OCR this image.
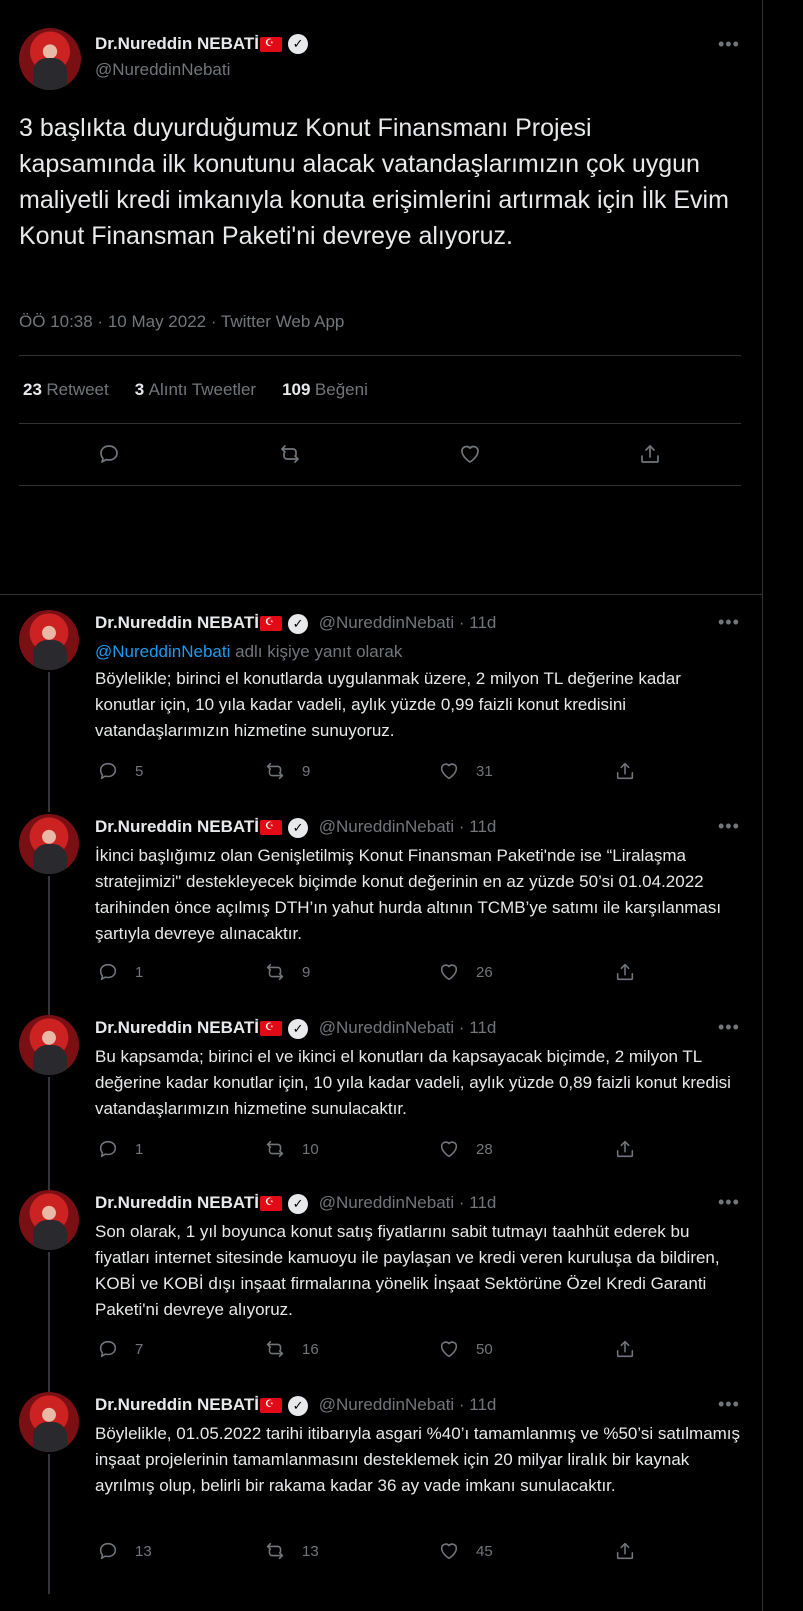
Dr.Nureddin NEBATİ ☪	✓
@NureddinNebati
•••
3 başlıkta duyurduğumuz Konut Finansmanı Projesi kapsamında ilk konutunu alacak vatandaşlarımızın çok uygun maliyetli kredi imkanıyla konuta erişimlerini artırmak için İlk Evim Konut Finansman Paketi'ni devreye alıyoruz.
ÖÖ 10:38 · 10 May 2022 · Twitter Web App
23 Retweet 3 Alıntı Tweetler 109 Beğeni
Dr.Nureddin NEBATİ ☪	✓ @NureddinNebati · 11d	•••
@NureddinNebati adlı kişiye yanıt olarak
Böylelikle; birinci el konutlarda uygulanmak üzere, 2 milyon TL değerine kadar konutlar için, 10 yıla kadar vadeli, aylık yüzde 0,99 faizli konut kredisini vatandaşlarımızın hizmetine sunuyoruz.
5	9	31
Dr.Nureddin NEBATİ ☪	✓ @NureddinNebati · 11d	•••
İkinci başlığımız olan Genişletilmiş Konut Finansman Paketi'nde ise “Liralaşma stratejimizi" destekleyecek biçimde konut değerinin en az yüzde 50’si 01.04.2022 tarihinden önce açılmış DTH’ın yahut hurda altının TCMB’ye satımı ile karşılanması şartıyla devreye alınacaktır.
1	9	26
Dr.Nureddin NEBATİ ☪	✓ @NureddinNebati · 11d	•••
Bu kapsamda; birinci el ve ikinci el konutları da kapsayacak biçimde, 2 milyon TL değerine kadar konutlar için, 10 yıla kadar vadeli, aylık yüzde 0,89 faizli konut kredisi vatandaşlarımızın hizmetine sunulacaktır.
1	10	28
Dr.Nureddin NEBATİ ☪	✓ @NureddinNebati · 11d	•••
Son olarak, 1 yıl boyunca konut satış fiyatlarını sabit tutmayı taahhüt ederek bu fiyatları internet sitesinde kamuoyu ile paylaşan ve kredi veren kuruluşa da bildiren, KOBİ ve KOBİ dışı inşaat firmalarına yönelik İnşaat Sektörüne Özel Kredi Garanti Paketi'ni devreye alıyoruz.
7	16	50
Dr.Nureddin NEBATİ ☪	✓ @NureddinNebati · 11d	•••
Böylelikle, 01.05.2022 tarihi itibarıyla asgari %40’ı tamamlanmış ve %50’si satılmamış inşaat projelerinin tamamlanmasını desteklemek için 20 milyar liralık bir kaynak ayrılmış olup, belirli bir rakama kadar 36 ay vade imkanı sunulacaktır.
13	13	45
